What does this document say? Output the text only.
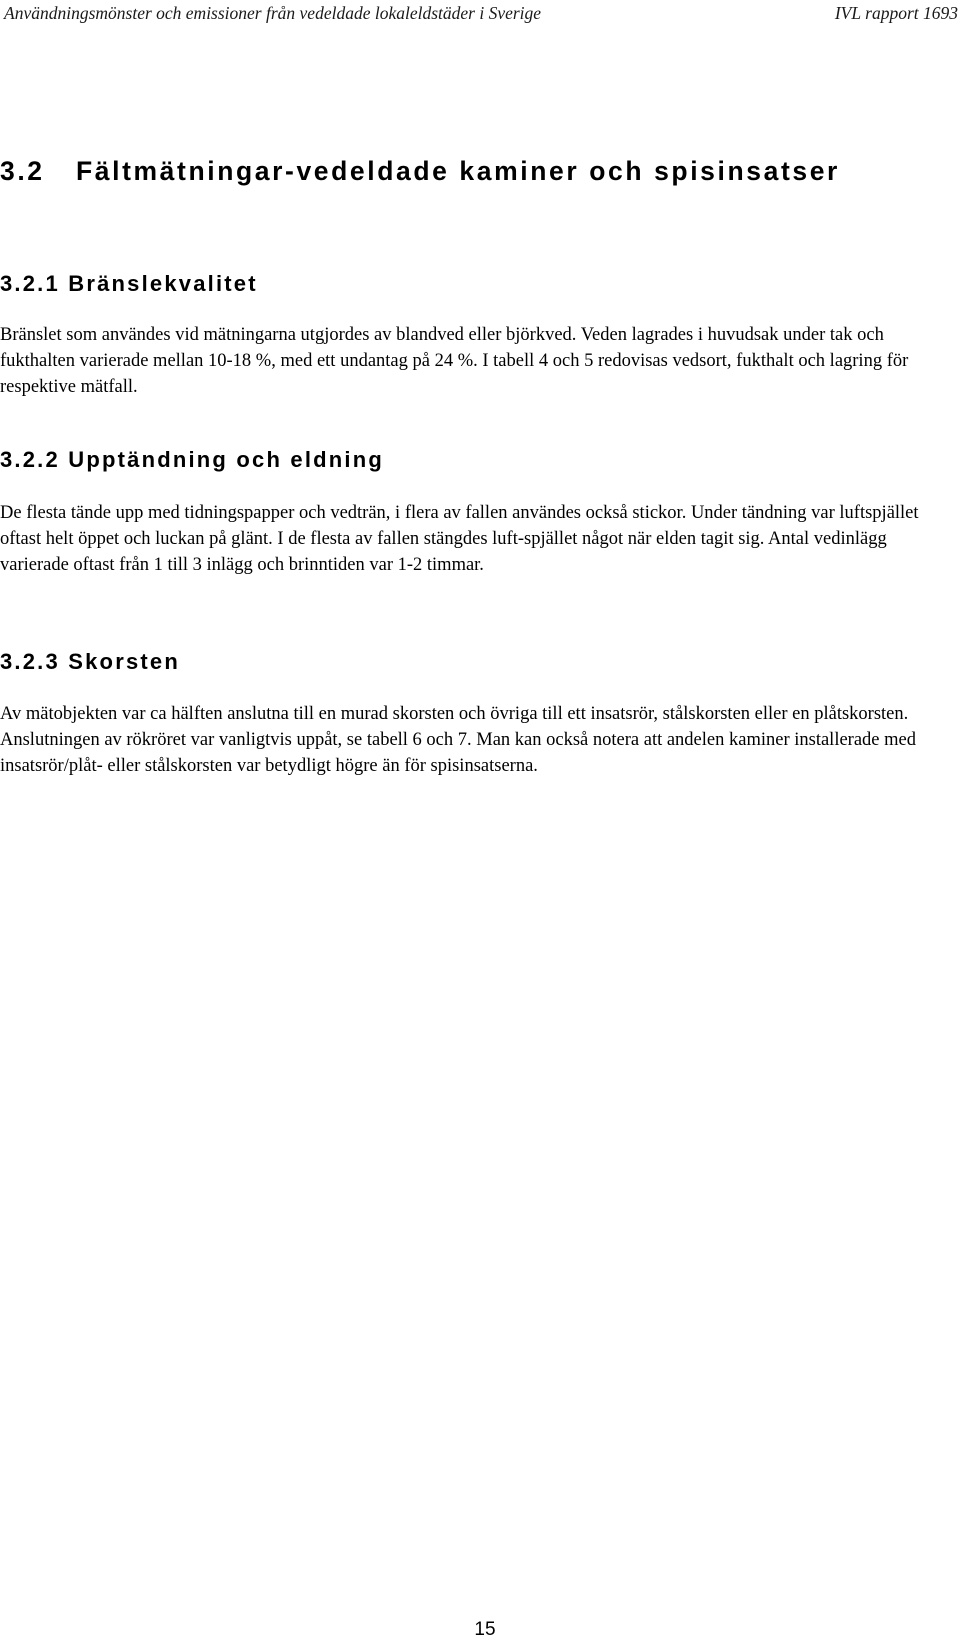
Användningsmönster och emissioner från vedeldade lokaleldstäder i Sverige	IVL rapport 1693
3.2	Fältmätningar-vedeldade kaminer och spisinsatser
3.2.1 Bränslekvalitet
Bränslet som användes vid mätningarna utgjordes av blandved eller björkved. Veden lagrades i huvudsak under tak och fukthalten varierade mellan 10-18 %, med ett undantag på 24 %. I tabell 4 och 5 redovisas vedsort, fukthalt och lagring för respektive mätfall.
3.2.2 Upptändning och eldning
De flesta tände upp med tidningspapper och vedträn, i flera av fallen användes också stickor. Under tändning var luftspjället oftast helt öppet och luckan på glänt. I de flesta av fallen stängdes luft-spjället något när elden tagit sig. Antal vedinlägg varierade oftast från 1 till 3 inlägg och brinntiden var 1-2 timmar.
3.2.3 Skorsten
Av mätobjekten var ca hälften anslutna till en murad skorsten och övriga till ett insatsrör, stålskorsten eller en plåtskorsten. Anslutningen av rökröret var vanligtvis uppåt, se tabell 6 och 7. Man kan också notera att andelen kaminer installerade med insatsrör/plåt- eller stålskorsten var betydligt högre än för spisinsatserna.
15
